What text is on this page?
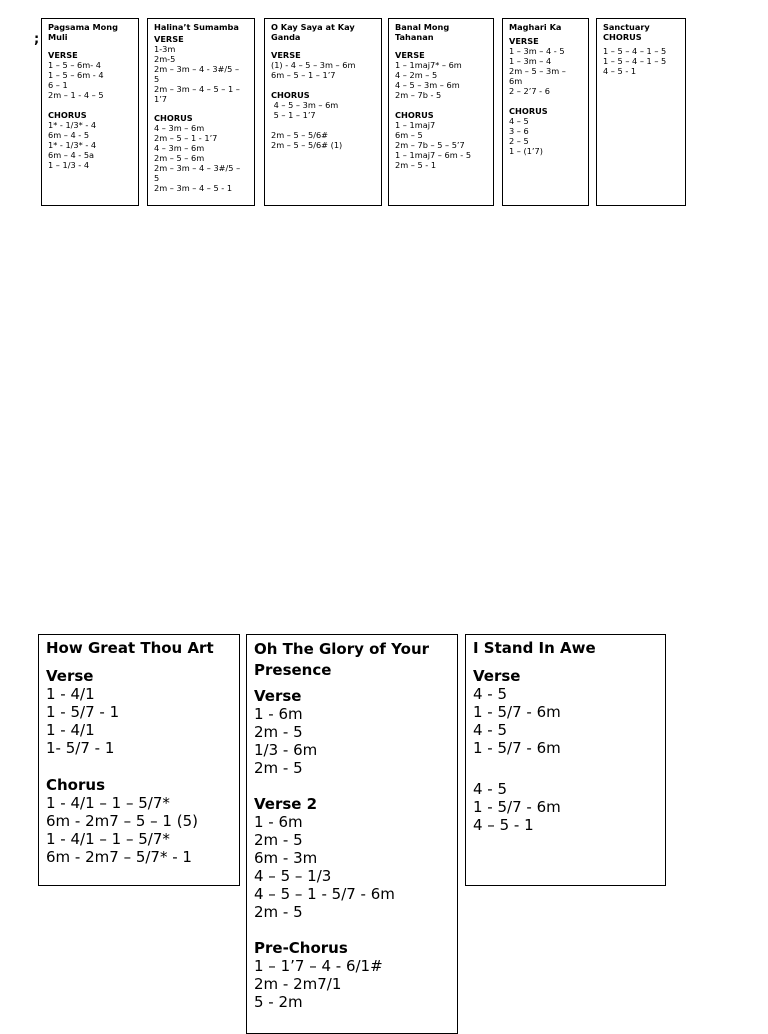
;
Pagsama Mong Muli
VERSE
1 – 5 – 6m- 4
1 – 5 – 6m - 4
6 – 1
2m – 1 - 4 – 5
CHORUS
1* - 1/3* - 4
6m – 4 - 5
1* - 1/3* - 4
6m – 4 - 5a
1 – 1/3 - 4
Halina’t Sumamba
VERSE
1-3m
2m-5
2m – 3m – 4 - 3#/5 –
5
2m – 3m – 4 – 5 – 1 –
1’7
CHORUS
4 – 3m – 6m
2m – 5 – 1 - 1’7
4 – 3m – 6m
2m – 5 – 6m
2m – 3m – 4 – 3#/5 –
5
2m – 3m – 4 – 5 - 1
O Kay Saya at Kay Ganda
VERSE
(1) - 4 – 5 – 3m – 6m
6m – 5 – 1 – 1’7
CHORUS
4 – 5 – 3m – 6m
5 – 1 – 1’7
2m – 5 – 5/6#
2m – 5 – 5/6# (1)
Banal Mong Tahanan
VERSE
1 – 1maj7* – 6m
4 – 2m – 5
4 – 5 – 3m – 6m
2m – 7b - 5
CHORUS
1 – 1maj7
6m – 5
2m – 7b – 5 – 5’7
1 – 1maj7 – 6m - 5
2m – 5 - 1
Maghari Ka
VERSE
1 – 3m – 4 - 5
1 – 3m – 4
2m – 5 – 3m –
6m
2 – 2’7 - 6
CHORUS
4 – 5
3 – 6
2 – 5
1 – (1’7)
Sanctuary
CHORUS
1 – 5 – 4 – 1 – 5
1 – 5 – 4 – 1 – 5
4 – 5 - 1
How Great Thou Art
Verse
1 - 4/1
1 - 5/7 - 1
1 - 4/1
1- 5/7 - 1
Chorus
1 - 4/1 – 1 – 5/7*
6m - 2m7 – 5 – 1 (5)
1 - 4/1 – 1 – 5/7*
6m - 2m7 – 5/7* - 1
Oh The Glory of Your Presence
Verse
1 - 6m
2m - 5
1/3 - 6m
2m - 5
Verse 2
1 - 6m
2m - 5
6m - 3m
4 – 5 – 1/3
4 – 5 – 1 - 5/7 - 6m
2m - 5
Pre-Chorus
1 – 1’7 – 4 - 6/1#
2m - 2m7/1
5 - 2m
I Stand In Awe
Verse
4 - 5
1 - 5/7 - 6m
4 - 5
1 - 5/7 - 6m
4 - 5
1 - 5/7 - 6m
4 – 5 - 1
